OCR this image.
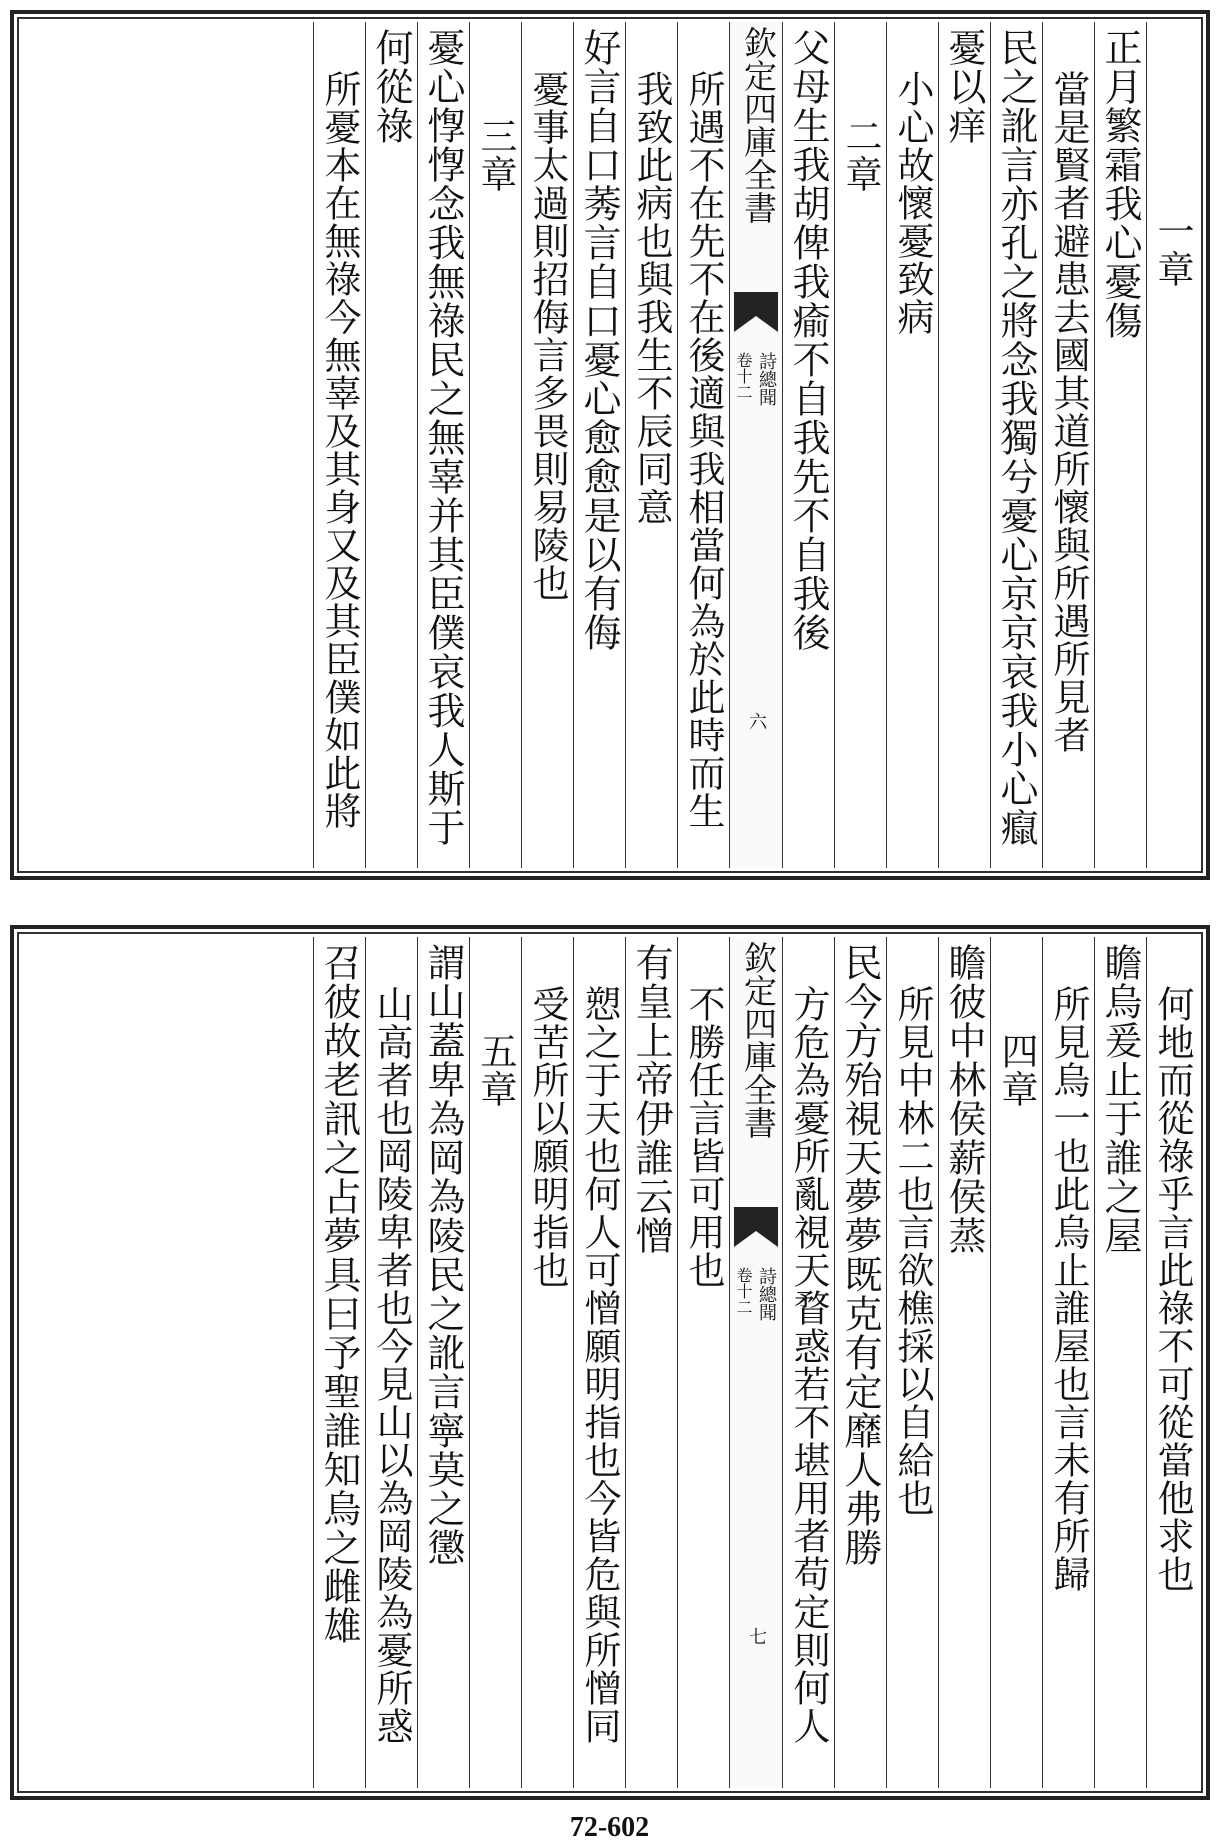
一章
正月繁霜我心憂傷
當是賢者避患去國其道所懷與所遇所見者
民之訛言亦孔之將念我獨兮憂心京京哀我小心癙
憂以痒
小心故懷憂致病
二章
父母生我胡俾我瘉不自我先不自我後
欽定四庫全書
詩總聞
卷十二
六
所遇不在先不在後適與我相當何為於此時而生
我致此病也與我生不辰同意
好言自口莠言自口憂心愈愈是以有侮
憂事太過則招侮言多畏則易陵也
三章
憂心惸惸念我無祿民之無辜并其臣僕哀我人斯于
何從祿
所憂本在無祿今無辜及其身又及其臣僕如此將
何地而從祿乎言此祿不可從當他求也
瞻烏爰止于誰之屋
所見烏一也此烏止誰屋也言未有所歸
四章
瞻彼中林侯薪侯蒸
所見中林二也言欲樵採以自給也
民今方殆視天夢夢既克有定靡人弗勝
方危為憂所亂視天瞀惑若不堪用者苟定則何人
欽定四庫全書
詩總聞
卷十二
七
不勝任言皆可用也
有皇上帝伊誰云憎
愬之于天也何人可憎願明指也今皆危與所憎同
受苦所以願明指也
五章
謂山蓋卑為岡為陵民之訛言寧莫之懲
山高者也岡陵卑者也今見山以為岡陵為憂所惑
召彼故老訊之占夢具曰予聖誰知烏之雌雄
72-602
